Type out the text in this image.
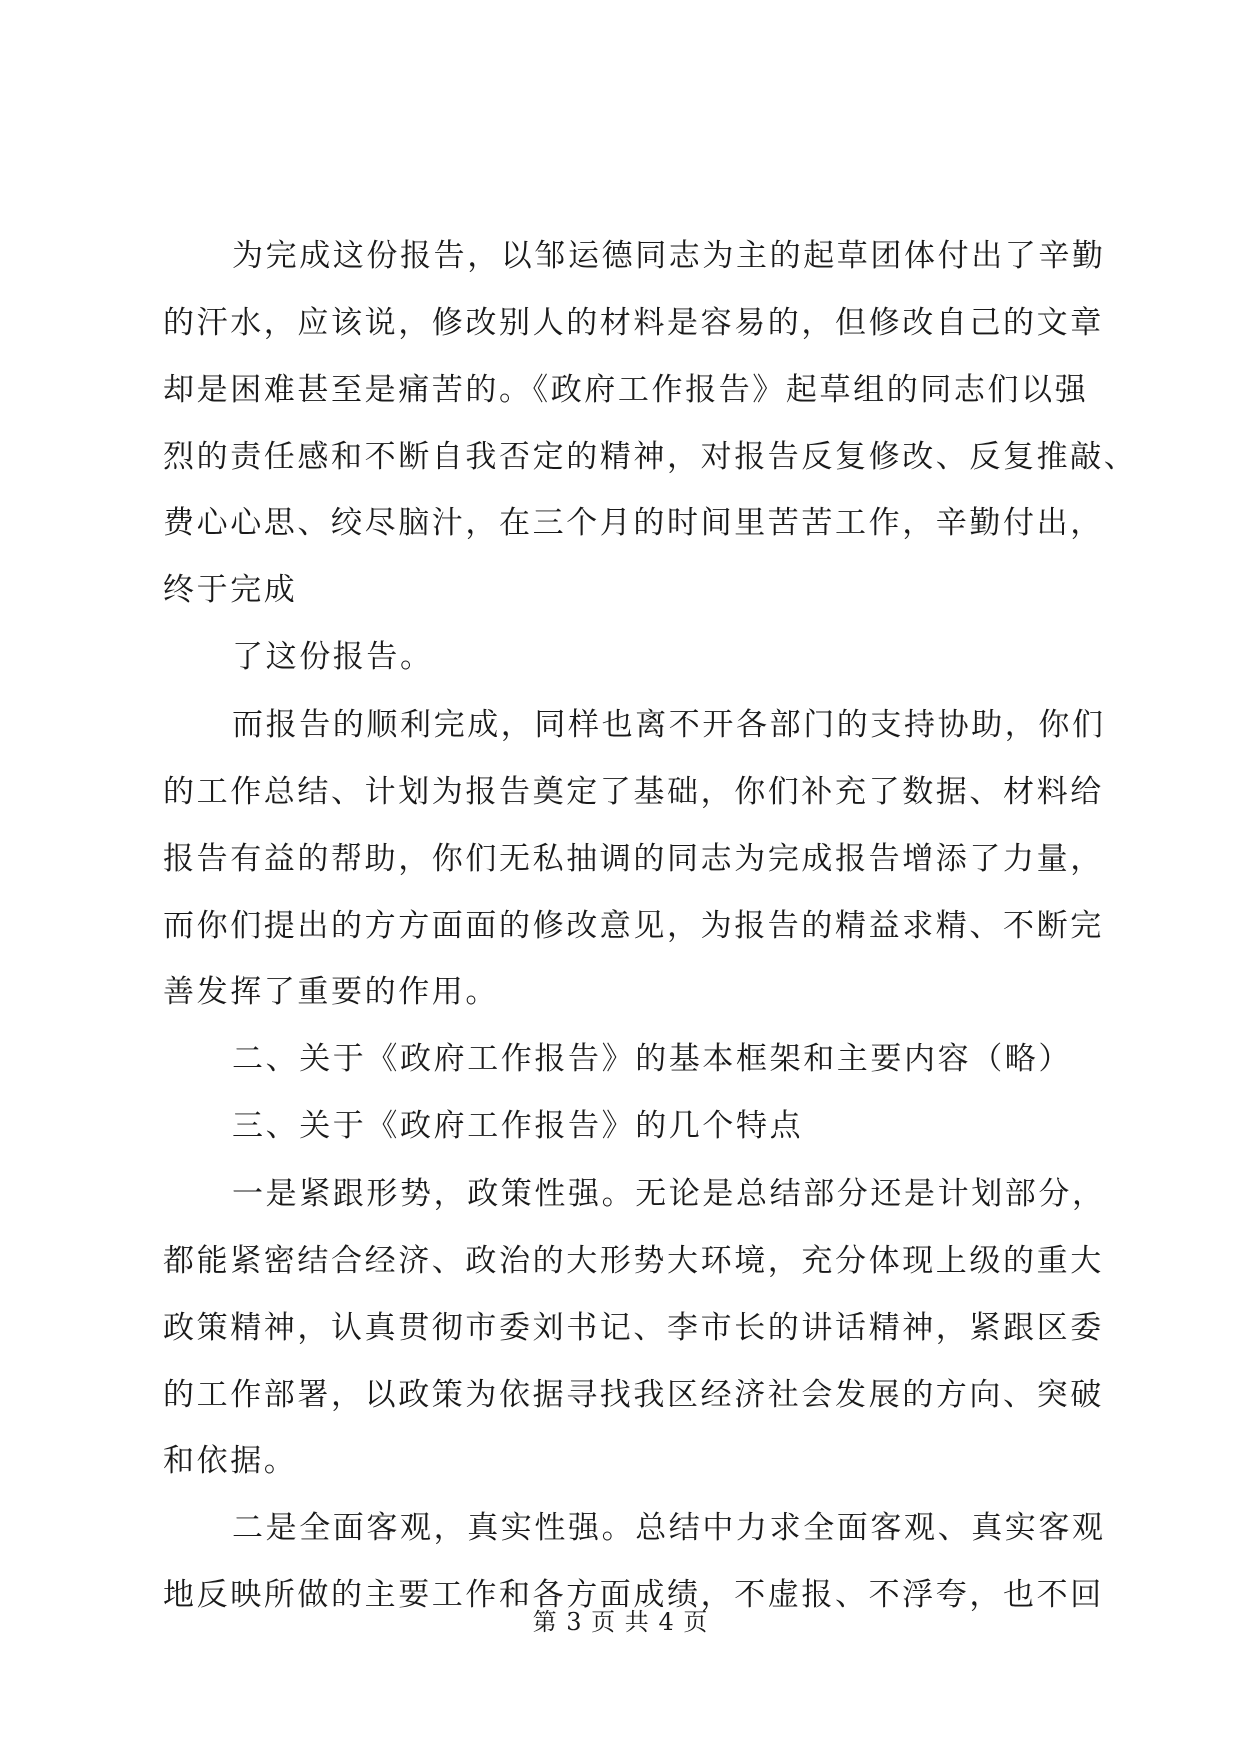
为完成这份报告，以邹运德同志为主的起草团体付出了辛勤
的汗水，应该说，修改别人的材料是容易的，但修改自己的文章
却是困难甚至是痛苦的。《政府工作报告》起草组的同志们以强
烈的责任感和不断自我否定的精神，对报告反复修改、反复推敲、
费心心思、绞尽脑汁，在三个月的时间里苦苦工作，辛勤付出，
终于完成
了这份报告。
而报告的顺利完成，同样也离不开各部门的支持协助，你们
的工作总结、计划为报告奠定了基础，你们补充了数据、材料给
报告有益的帮助，你们无私抽调的同志为完成报告增添了力量，
而你们提出的方方面面的修改意见，为报告的精益求精、不断完
善发挥了重要的作用。
二、关于《政府工作报告》的基本框架和主要内容（略）
三、关于《政府工作报告》的几个特点
一是紧跟形势，政策性强。无论是总结部分还是计划部分，
都能紧密结合经济、政治的大形势大环境，充分体现上级的重大
政策精神，认真贯彻市委刘书记、李市长的讲话精神，紧跟区委
的工作部署，以政策为依据寻找我区经济社会发展的方向、突破
和依据。
二是全面客观，真实性强。总结中力求全面客观、真实客观
地反映所做的主要工作和各方面成绩，不虚报、不浮夸，也不回
第 3 页 共 4 页
